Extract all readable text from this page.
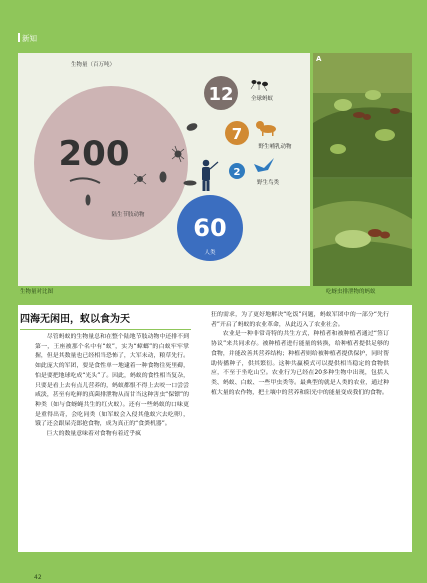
新知
生物量（百万吨）
200
陆生节肢动物
12	全球蚂蚁
7
野生哺乳动物
2
野生鸟类
60
人类
A
生物量对比图	吃蚜虫排泄物的蚂蚁
四海无闲田，蚁以食为天

尽管蚂蚁的生物量总和在整个陆地节肢动物中还排不到第一，王座被那个名中有“蚁”，实为“蟑螂”的白蚁牢牢掌握，但是其数量也已经相当恐怖了，大军未动，粮草先行。如此庞大的军团，要是食性单一地逮着一种食物往死里薅，怕是要把地球吃成“光头”了。因此，蚂蚁的食性相当复杂，只要是看上去有点儿营养的，蚂蚁都恨不得上去咬一口尝尝咸淡，甚至有吃鲜的真菌排泄物从而甘当这种害虫“保镖”的种类（如与食蚜蝇共生的红火蚁）。还有一些蚂蚁的口味更是重得出奇，会吃同类（如军蚁会入侵其他蚁穴去吃卵），饿了还会跟屎壳郎抢食物，成为真正的“食粪机器”。

巨大的数量意味着对食物有着近乎疯

狂的需求，为了更好地解决“吃饭”问题，蚂蚁军团中的一部分“先行者”开启了蚂蚁的农业革命，从此迈入了农业社会。

农业是一种非常奇特的共生方式，种植者和被种植者通过“签订协议”来共同求存。被种植者进行能量的转换，给种植者提供足够的食物，并能改善其营养结构；种植者则给被种植者提供保护，同时帮助传播种子，供其繁衍。这种共赢模式可以提供相当稳定的食物供应，不至于坐吃山空。农业行为已经在20多种生物中出现，包括人类、蚂蚁、白蚁、一些甲虫类等。最典型的就是人类的农业，通过种植大量的农作物，把土壤中的营养和阳光中的能量变成我们的食物。

42
